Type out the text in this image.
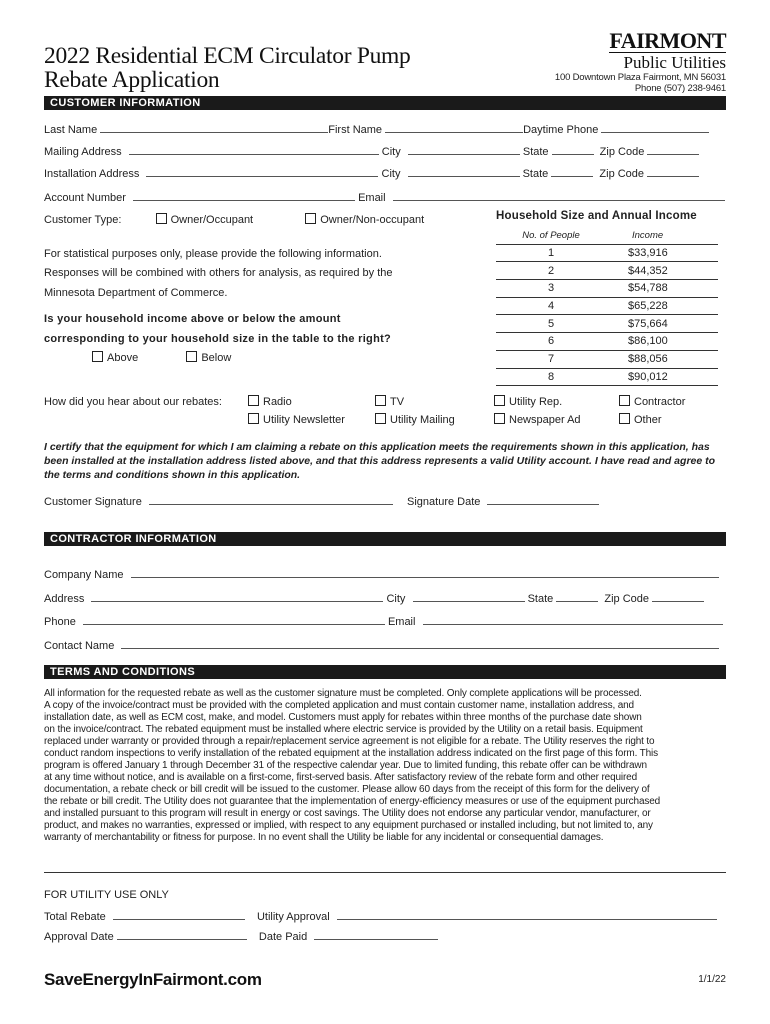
2022 Residential ECM Circulator Pump
Rebate Application
FAIRMONT
Public Utilities
100 Downtown Plaza Fairmont, MN 56031
Phone (507) 238-9461
CUSTOMER INFORMATION
Last Name	First Name	Daytime Phone
Mailing Address	City	State	Zip Code
Installation Address	City	State	Zip Code
Account Number	Email
Customer Type:	Owner/Occupant	Owner/Non-occupant
For statistical purposes only, please provide the following information.
Responses will be combined with others for analysis, as required by the
Minnesota Department of Commerce.
Is your household income above or below the amount
corresponding to your household size in the table to the right?
Above	Below
Household Size and Annual Income
No. of People	Income
1	$33,916
2	$44,352
3	$54,788
4	$65,228
5	$75,664
6	$86,100
7	$88,056
8	$90,012
How did you hear about our rebates:	Radio	TV	Utility Rep.	Contractor
Utility Newsletter	Utility Mailing	Newspaper Ad	Other
I certify that the equipment for which I am claiming a rebate on this application meets the requirements shown in this application, has been installed at the installation address listed above, and that this address represents a valid Utility account. I have read and agree to the terms and conditions shown in this application.
Customer Signature	Signature Date
CONTRACTOR INFORMATION
Company Name
Address	City	State	Zip Code
Phone	Email
Contact Name
TERMS AND CONDITIONS
All information for the requested rebate as well as the customer signature must be completed. Only complete applications will be processed.
A copy of the invoice/contract must be provided with the completed application and must contain customer name, installation address, and
installation date, as well as ECM cost, make, and model. Customers must apply for rebates within three months of the purchase date shown
on the invoice/contract. The rebated equipment must be installed where electric service is provided by the Utility on a retail basis. Equipment
replaced under warranty or provided through a repair/replacement service agreement is not eligible for a rebate. The Utility reserves the right to
conduct random inspections to verify installation of the rebated equipment at the installation address indicated on the first page of this form. This
program is offered January 1 through December 31 of the respective calendar year. Due to limited funding, this rebate offer can be withdrawn
at any time without notice, and is available on a first-come, first-served basis. After satisfactory review of the rebate form and other required
documentation, a rebate check or bill credit will be issued to the customer. Please allow 60 days from the receipt of this form for the delivery of
the rebate or bill credit. The Utility does not guarantee that the implementation of energy-efficiency measures or use of the equipment purchased
and installed pursuant to this program will result in energy or cost savings. The Utility does not endorse any particular vendor, manufacturer, or
product, and makes no warranties, expressed or implied, with respect to any equipment purchased or installed including, but not limited to, any
warranty of merchantability or fitness for purpose. In no event shall the Utility be liable for any incidental or consequential damages.
FOR UTILITY USE ONLY
Total Rebate	Utility Approval
Approval Date	Date Paid
SaveEnergyInFairmont.com	1/1/22
